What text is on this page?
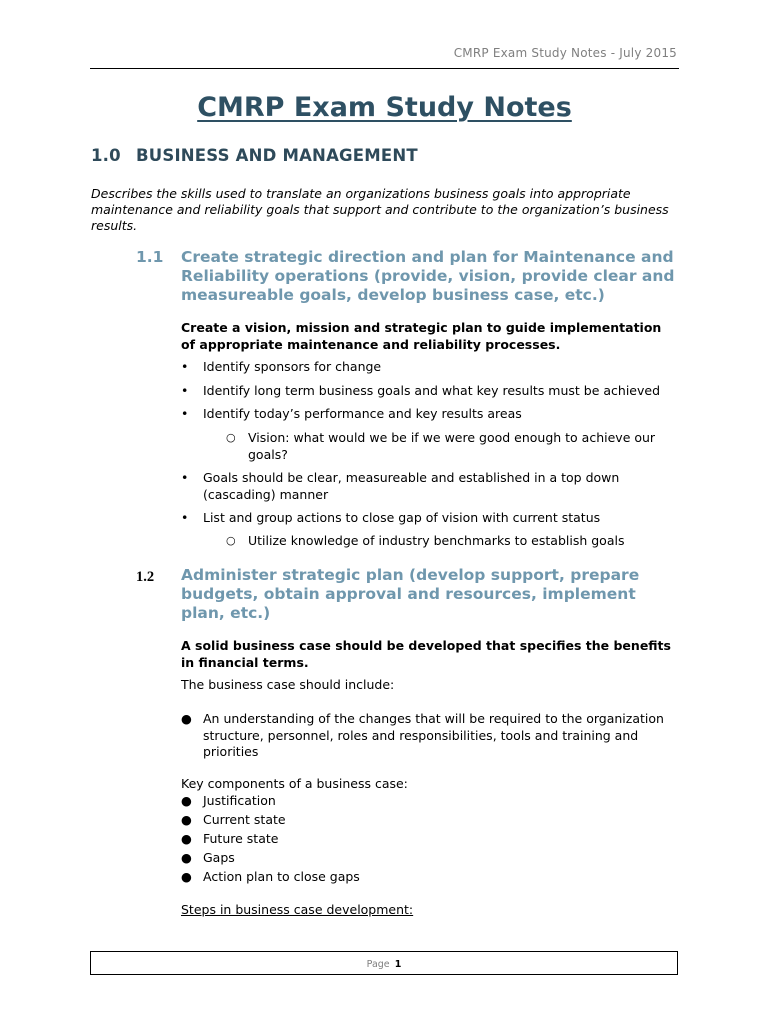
CMRP Exam Study Notes - July 2015
CMRP Exam Study Notes
1.0 BUSINESS AND MANAGEMENT
Describes the skills used to translate an organizations business goals into appropriate maintenance and reliability goals that support and contribute to the organization’s business results.
1.1 Create strategic direction and plan for Maintenance and Reliability operations (provide, vision, provide clear and measureable goals, develop business case, etc.)
Create a vision, mission and strategic plan to guide implementation of appropriate maintenance and reliability processes.
•	Identify sponsors for change
•	Identify long term business goals and what key results must be achieved
•	Identify today’s performance and key results areas
○ Vision: what would we be if we were good enough to achieve our goals?
•	Goals should be clear, measureable and established in a top down (cascading) manner
•	List and group actions to close gap of vision with current status
○ Utilize knowledge of industry benchmarks to establish goals
1.2 Administer strategic plan (develop support, prepare budgets, obtain approval and resources, implement plan, etc.)
A solid business case should be developed that specifies the benefits in financial terms.
The business case should include:
● An understanding of the changes that will be required to the organization structure, personnel, roles and responsibilities, tools and training and priorities
Key components of a business case:
● Justification
● Current state
● Future state
● Gaps
● Action plan to close gaps
Steps in business case development:
Page 1
